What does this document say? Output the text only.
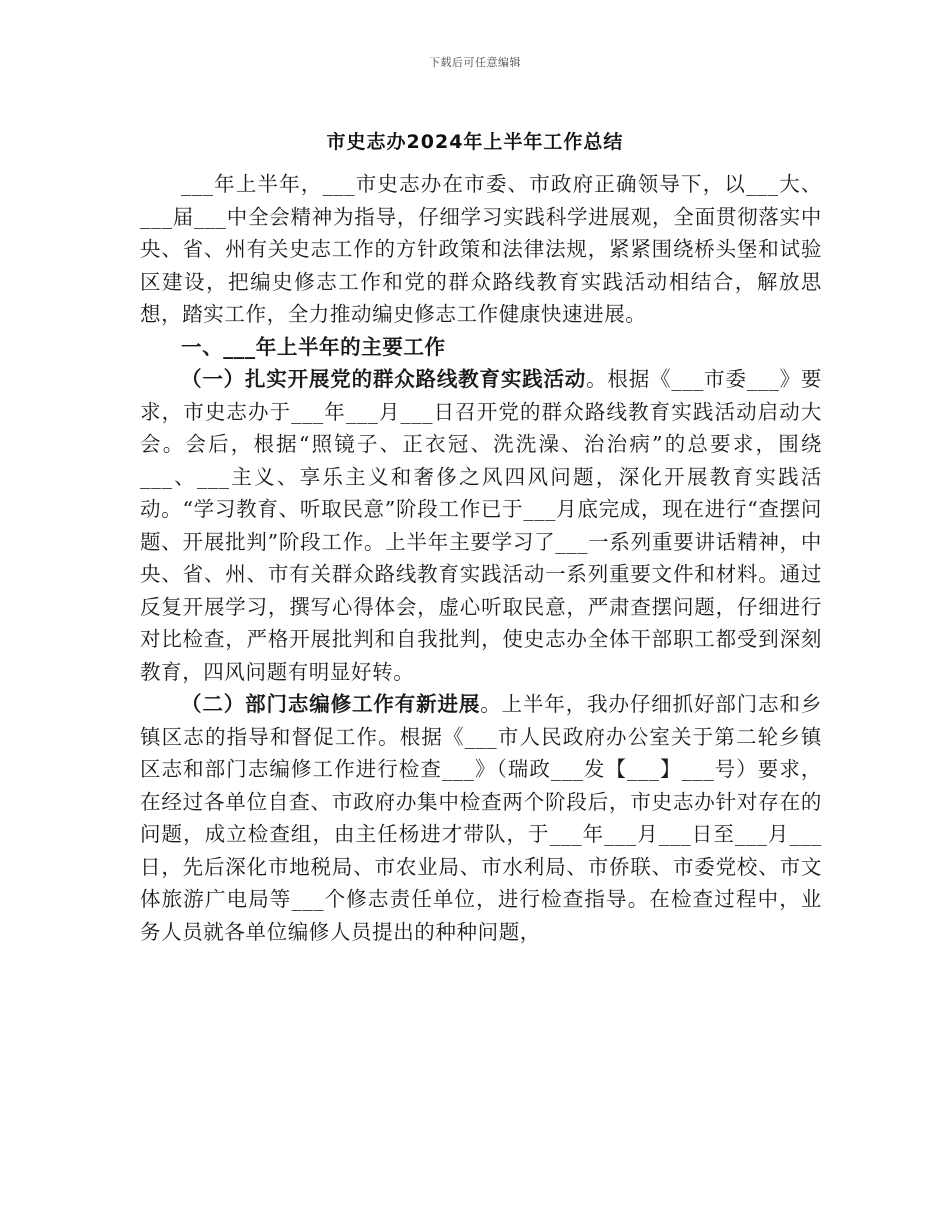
下载后可任意编辑
市史志办2024年上半年工作总结

___年上半年，___市史志办在市委、市政府正确领导下，以___大、___届___中全会精神为指导，仔细学习实践科学进展观，全面贯彻落实中央、省、州有关史志工作的方针政策和法律法规，紧紧围绕桥头堡和试验区建设，把编史修志工作和党的群众路线教育实践活动相结合，解放思想，踏实工作，全力推动编史修志工作健康快速进展。

一、___年上半年的主要工作

（一）扎实开展党的群众路线教育实践活动。根据《___市委___》要求，市史志办于___年___月___日召开党的群众路线教育实践活动启动大会。会后，根据“照镜子、正衣冠、洗洗澡、治治病”的总要求，围绕___、___主义、享乐主义和奢侈之风四风问题，深化开展教育实践活动。“学习教育、听取民意”阶段工作已于___月底完成，现在进行“查摆问题、开展批判”阶段工作。上半年主要学习了___一系列重要讲话精神，中央、省、州、市有关群众路线教育实践活动一系列重要文件和材料。通过反复开展学习，撰写心得体会，虚心听取民意，严肃查摆问题，仔细进行对比检查，严格开展批判和自我批判，使史志办全体干部职工都受到深刻教育，四风问题有明显好转。

（二）部门志编修工作有新进展。上半年，我办仔细抓好部门志和乡镇区志的指导和督促工作。根据《___市人民政府办公室关于第二轮乡镇区志和部门志编修工作进行检查___》（瑞政___发【___】___号）要求，在经过各单位自查、市政府办集中检查两个阶段后，市史志办针对存在的问题，成立检查组，由主任杨进才带队，于___年___月___日至___月___日，先后深化市地税局、市农业局、市水利局、市侨联、市委党校、市文体旅游广电局等___个修志责任单位，进行检查指导。在检查过程中，业务人员就各单位编修人员提出的种种问题，
